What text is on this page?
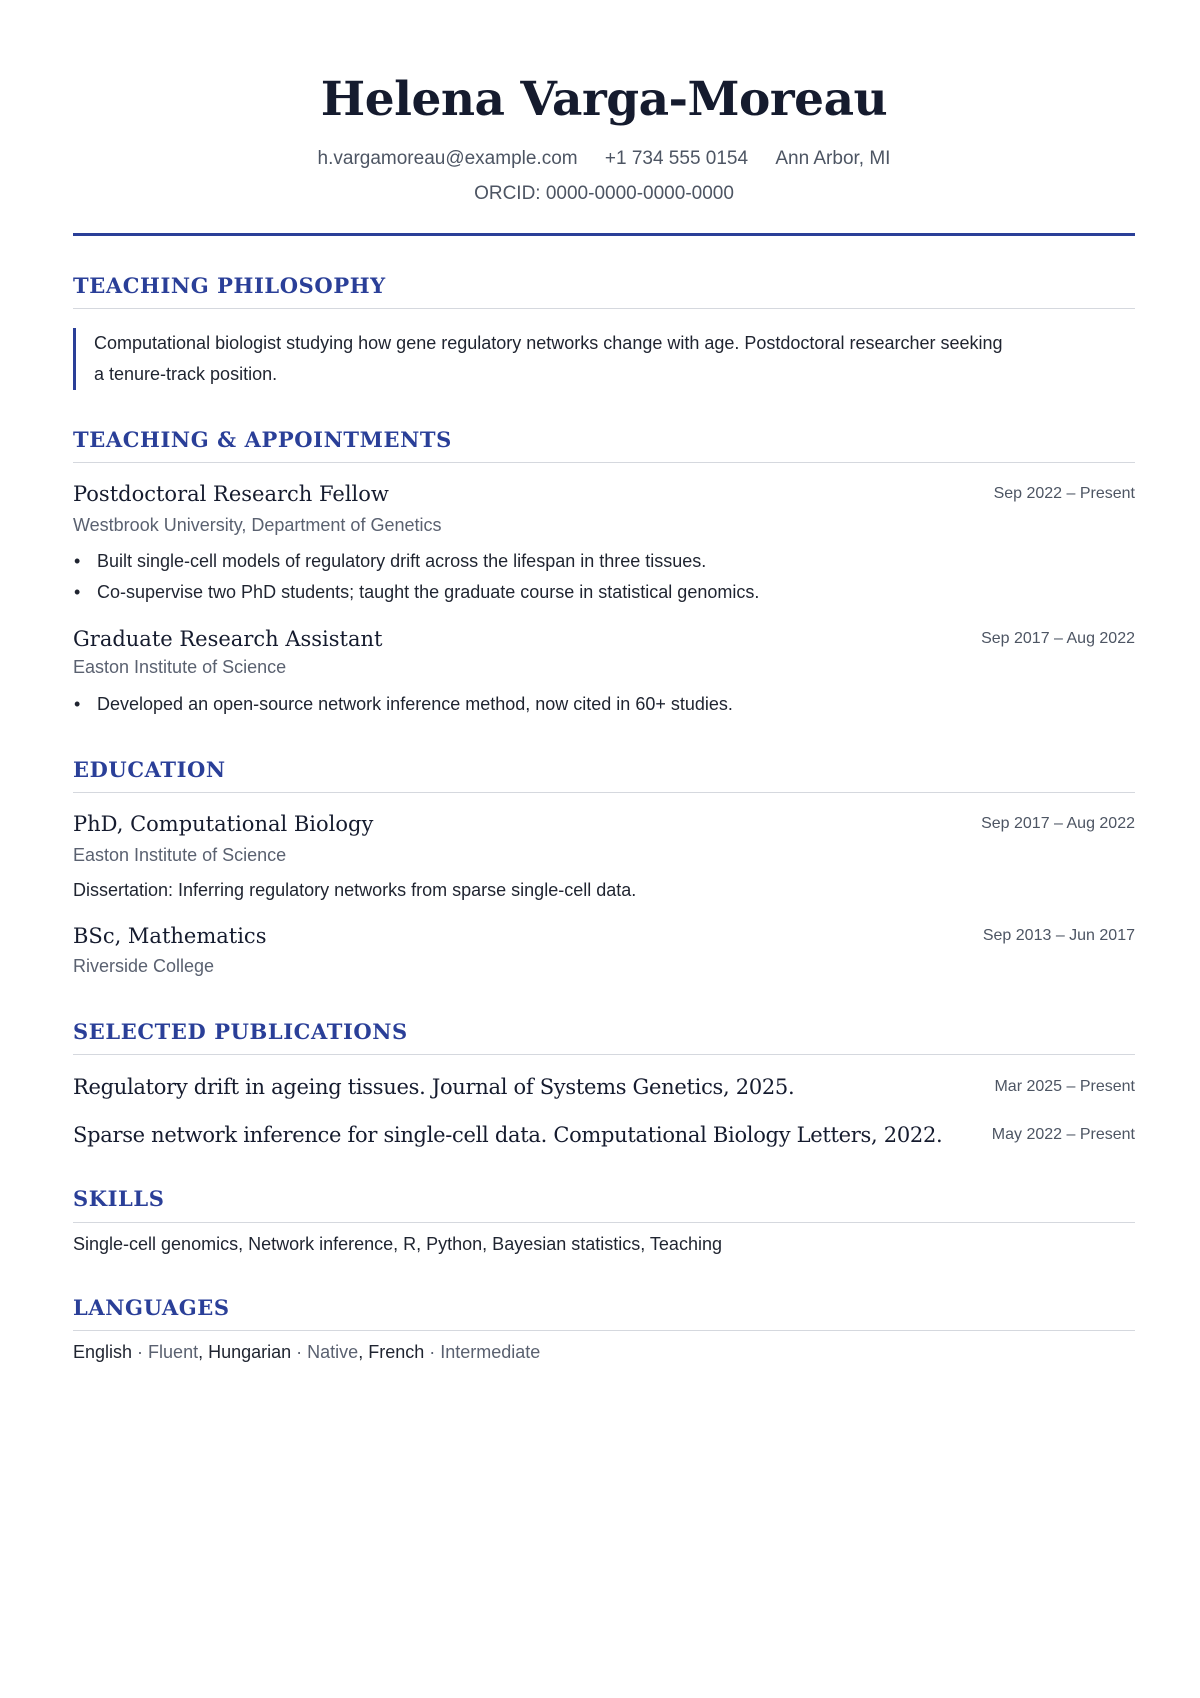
Helena Varga-Moreau
h.vargamoreau@example.com +1 734 555 0154 Ann Arbor, MI
ORCID: 0000-0000-0000-0000
TEACHING PHILOSOPHY
Computational biologist studying how gene regulatory networks change with age. Postdoctoral researcher seeking
a tenure-track position.
TEACHING & APPOINTMENTS
Postdoctoral Research Fellow	Sep 2022 – Present
Westbrook University, Department of Genetics
• Built single-cell models of regulatory drift across the lifespan in three tissues.
• Co-supervise two PhD students; taught the graduate course in statistical genomics.
Graduate Research Assistant	Sep 2017 – Aug 2022
Easton Institute of Science
• Developed an open-source network inference method, now cited in 60+ studies.
EDUCATION
PhD, Computational Biology	Sep 2017 – Aug 2022
Easton Institute of Science
Dissertation: Inferring regulatory networks from sparse single-cell data.
BSc, Mathematics	Sep 2013 – Jun 2017
Riverside College
SELECTED PUBLICATIONS
Regulatory drift in ageing tissues. Journal of Systems Genetics, 2025.	Mar 2025 – Present
Sparse network inference for single-cell data. Computational Biology Letters, 2022.	May 2022 – Present
SKILLS
Single-cell genomics, Network inference, R, Python, Bayesian statistics, Teaching
LANGUAGES
English · Fluent, Hungarian · Native, French · Intermediate
